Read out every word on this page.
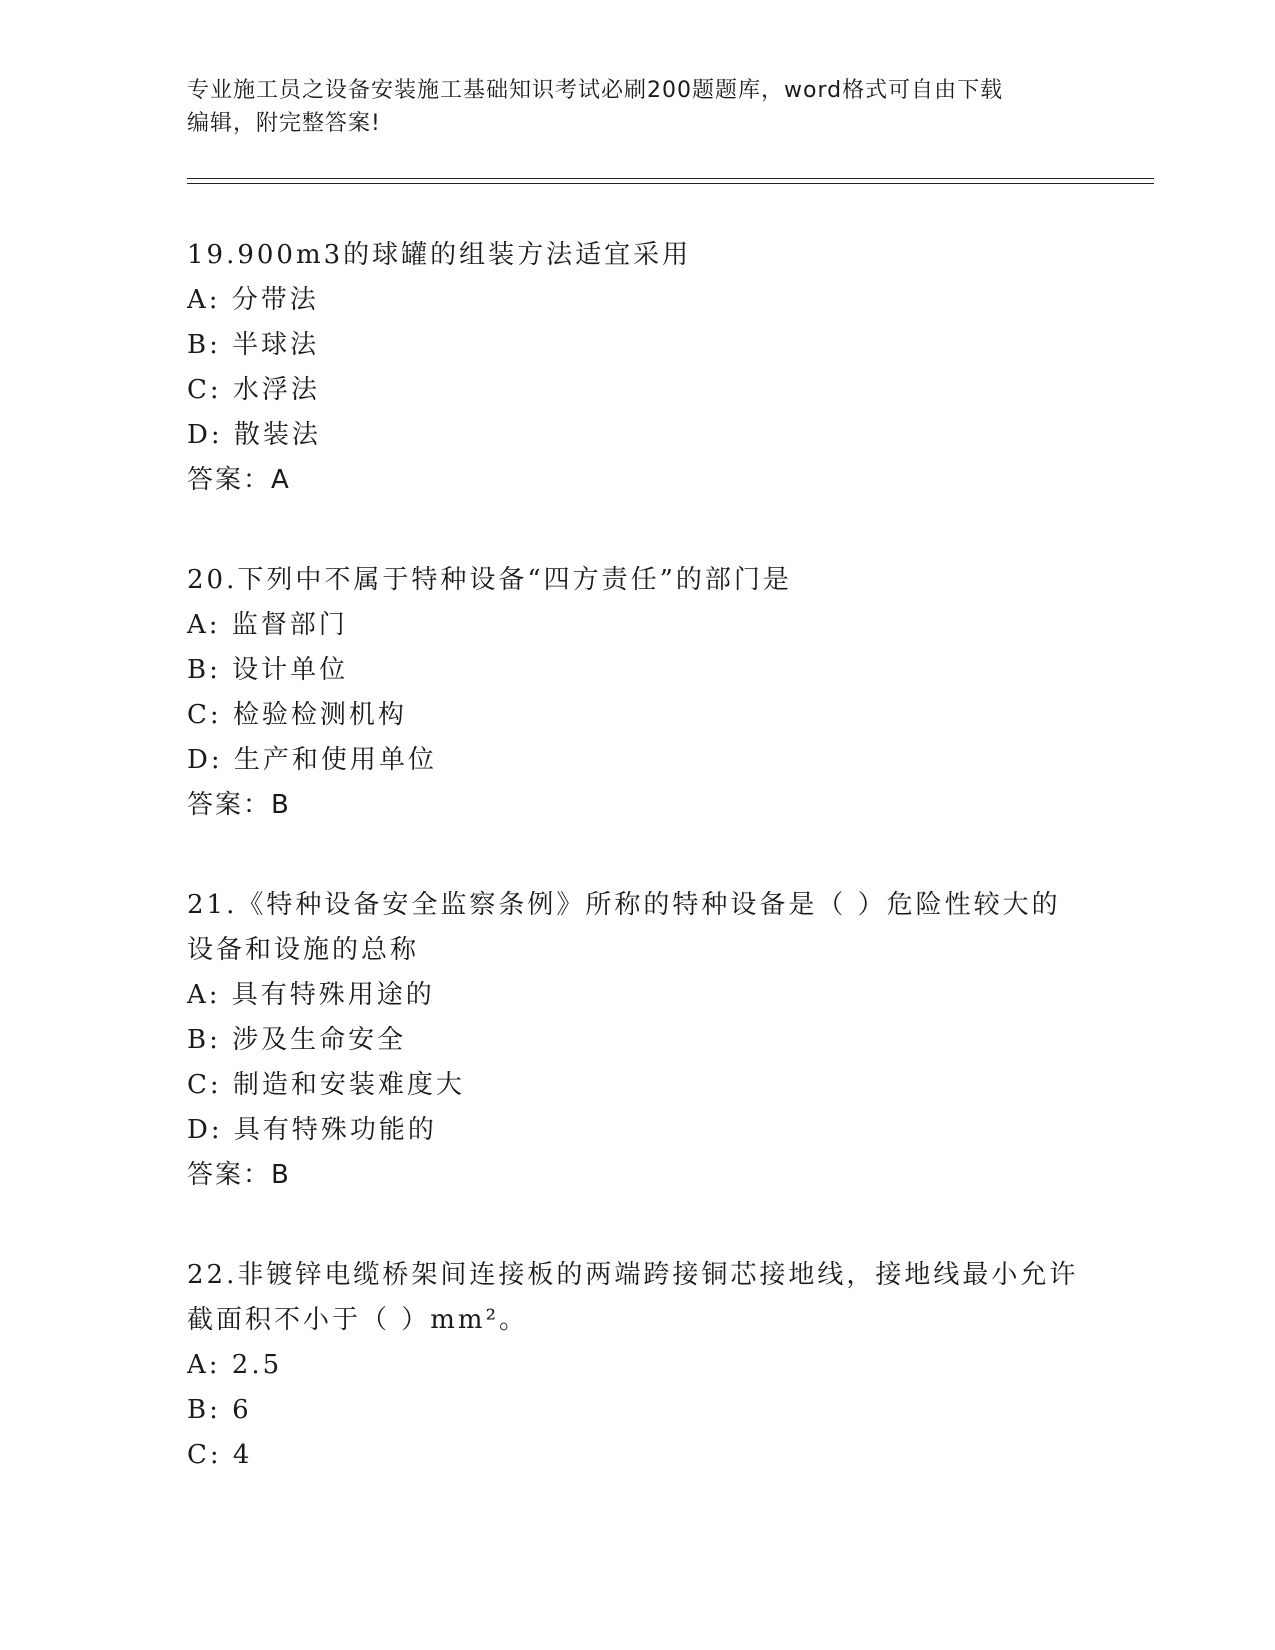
专业施工员之设备安装施工基础知识考试必刷200题题库，word格式可自由下载
编辑，附完整答案!
19.900m3的球罐的组装方法适宜采用
A: 分带法
B: 半球法
C: 水浮法
D: 散装法
答案：A
20.下列中不属于特种设备“四方责任”的部门是
A: 监督部门
B: 设计单位
C: 检验检测机构
D: 生产和使用单位
答案：B
21.《特种设备安全监察条例》所称的特种设备是（ ）危险性较大的设备和设施的总称
A: 具有特殊用途的
B: 涉及生命安全
C: 制造和安装难度大
D: 具有特殊功能的
答案：B
22.非镀锌电缆桥架间连接板的两端跨接铜芯接地线，接地线最小允许截面积不小于（ ）mm²。
A: 2.5
B: 6
C: 4
